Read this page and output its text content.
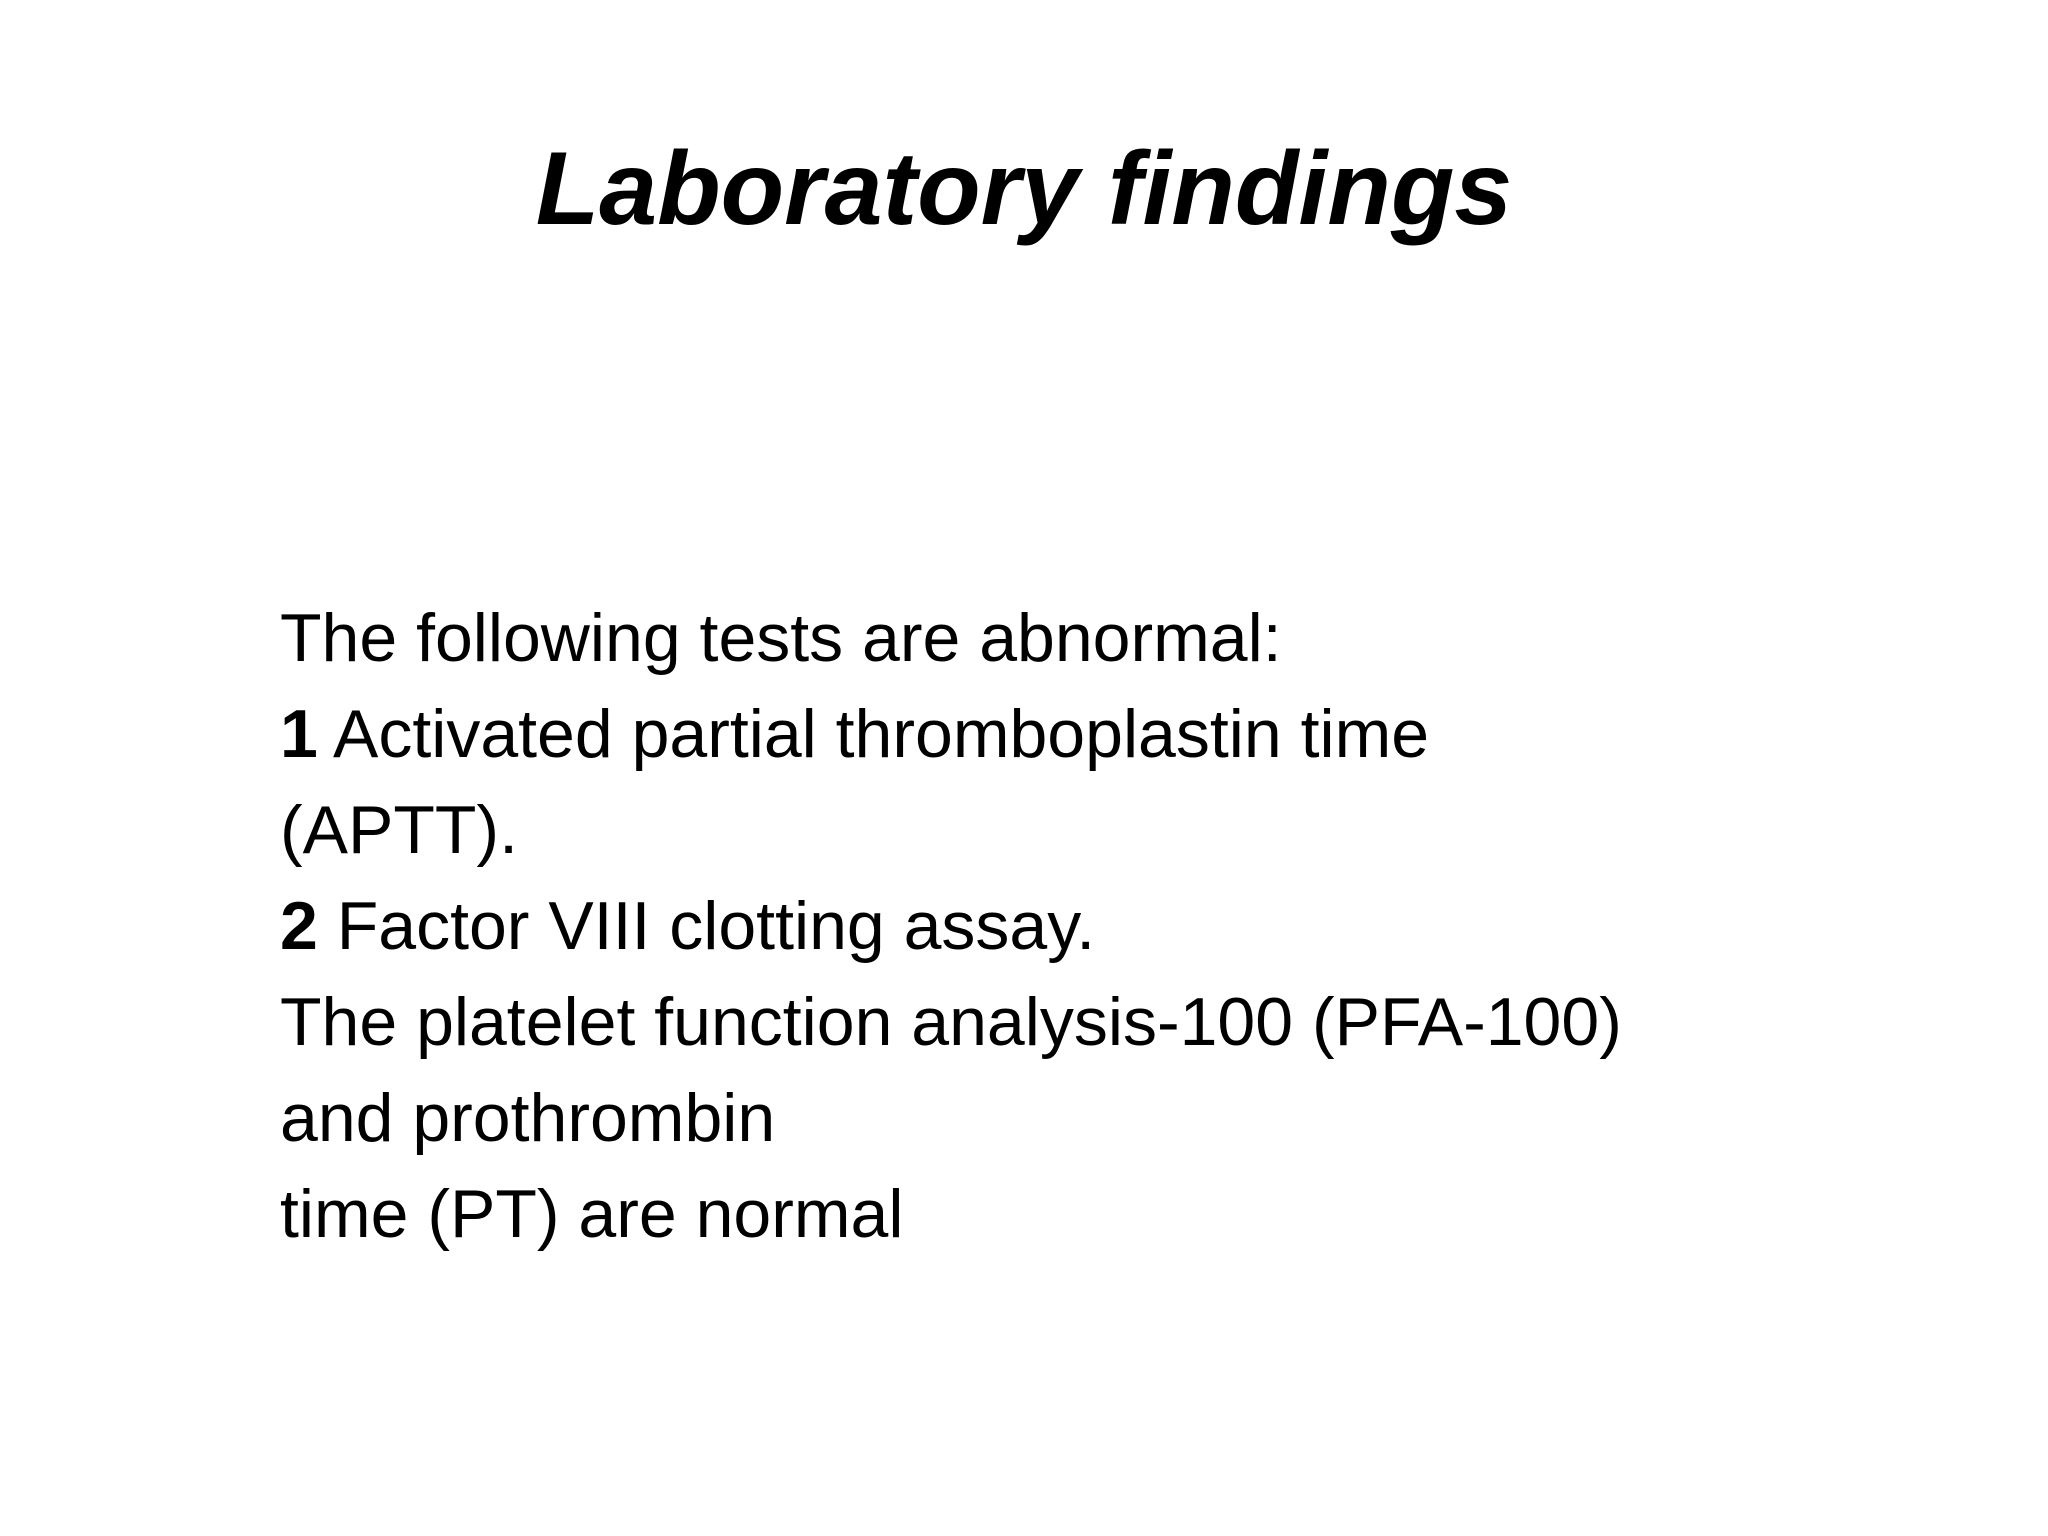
Laboratory findings
The following tests are abnormal:
1 Activated partial thromboplastin time
(APTT).
2 Factor VIII clotting assay.
The platelet function analysis-100 (PFA-100)
and prothrombin
time (PT) are normal
